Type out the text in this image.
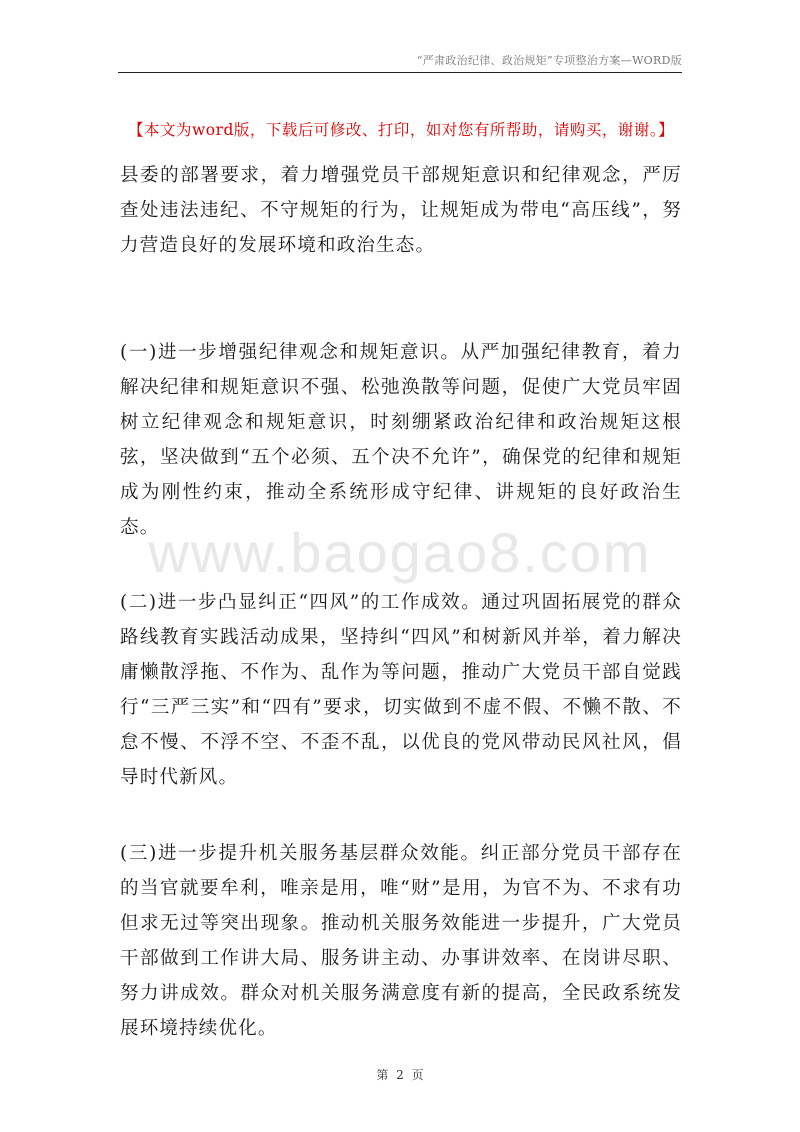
“严肃政治纪律、政治规矩”专项整治方案—WORD版
【本文为word版，下载后可修改、打印，如对您有所帮助，请购买，谢谢。】

县委的部署要求，着力增强党员干部规矩意识和纪律观念，严厉查处违法违纪、不守规矩的行为，让规矩成为带电“高压线”，努力营造良好的发展环境和政治生态。

(一)进一步增强纪律观念和规矩意识。从严加强纪律教育，着力解决纪律和规矩意识不强、松弛涣散等问题，促使广大党员牢固树立纪律观念和规矩意识，时刻绷紧政治纪律和政治规矩这根弦，坚决做到“五个必须、五个决不允许”，确保党的纪律和规矩成为刚性约束，推动全系统形成守纪律、讲规矩的良好政治生态。

www.baogao8.com

(二)进一步凸显纠正“四风”的工作成效。通过巩固拓展党的群众路线教育实践活动成果，坚持纠“四风”和树新风并举，着力解决庸懒散浮拖、不作为、乱作为等问题，推动广大党员干部自觉践行“三严三实”和“四有”要求，切实做到不虚不假、不懒不散、不怠不慢、不浮不空、不歪不乱，以优良的党风带动民风社风，倡导时代新风。

(三)进一步提升机关服务基层群众效能。纠正部分党员干部存在的当官就要牟利，唯亲是用，唯“财”是用，为官不为、不求有功但求无过等突出现象。推动机关服务效能进一步提升，广大党员干部做到工作讲大局、服务讲主动、办事讲效率、在岗讲尽职、努力讲成效。群众对机关服务满意度有新的提高，全民政系统发展环境持续优化。

第 2 页
